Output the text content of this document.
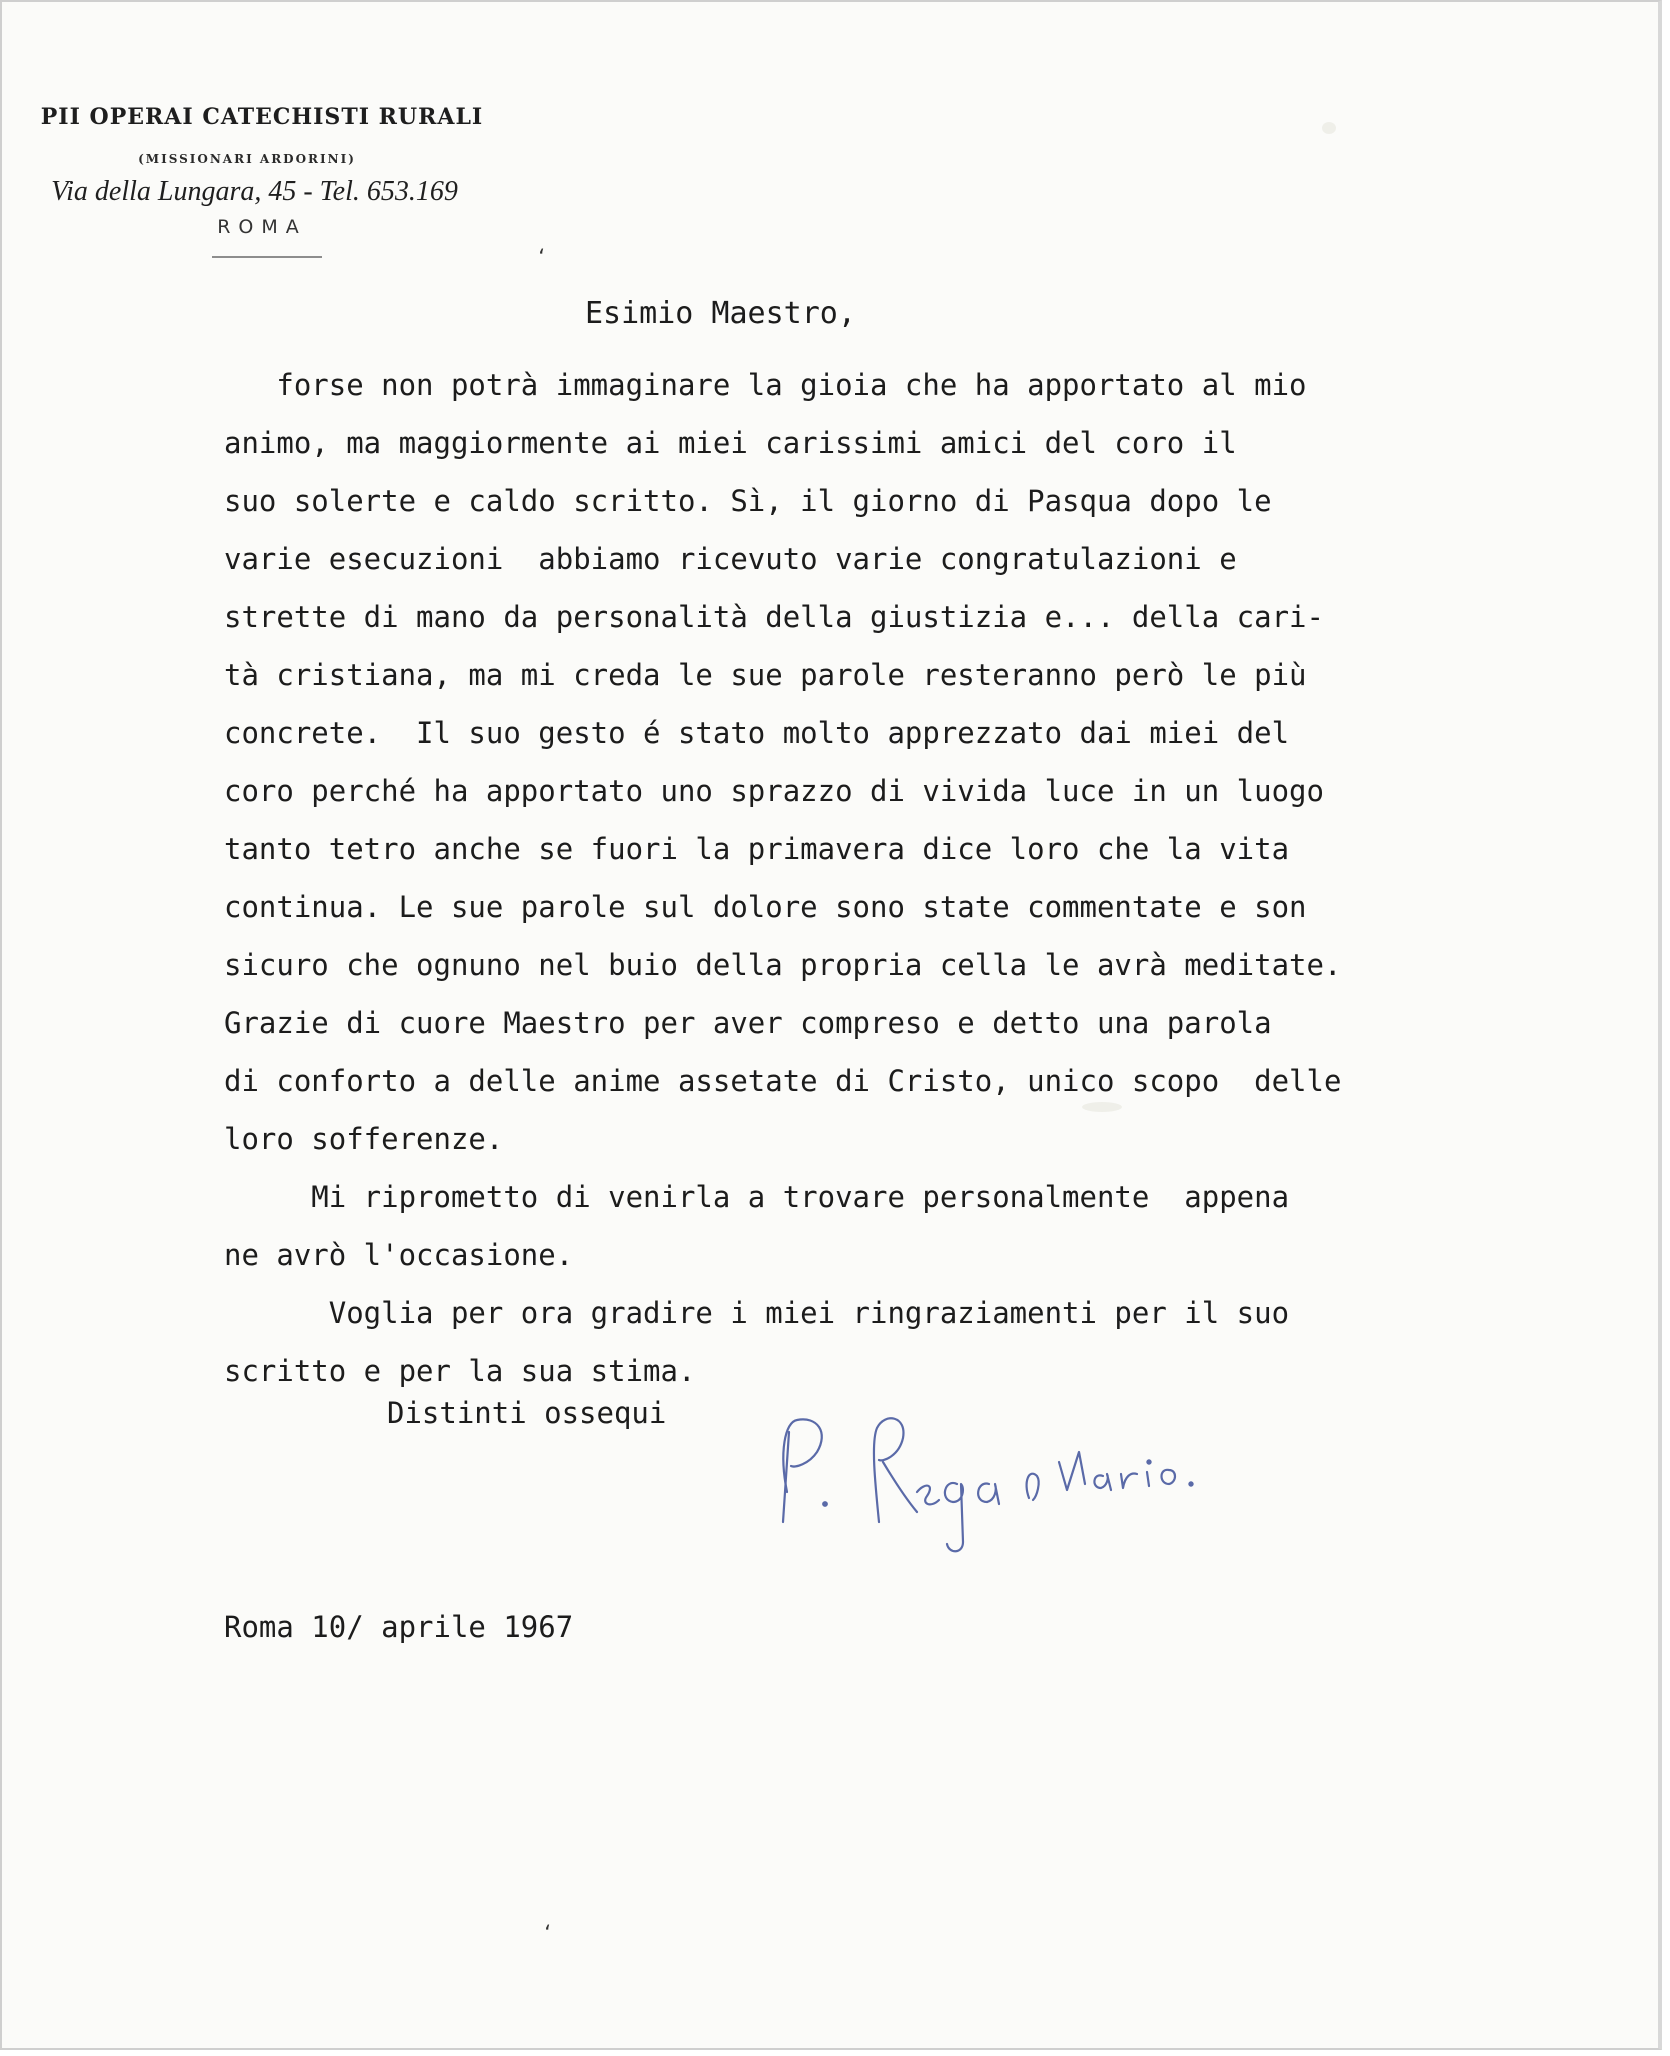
PII OPERAI CATECHISTI RURALI
(MISSIONARI ARDORINI)
Via della Lungara, 45 - Tel. 653.169
ROMA
‘
Esimio Maestro,
forse non potrà immaginare la gioia che ha apportato al mio
animo, ma maggiormente ai miei carissimi amici del coro il
suo solerte e caldo scritto. Sì, il giorno di Pasqua dopo le
varie esecuzioni  abbiamo ricevuto varie congratulazioni e
strette di mano da personalità della giustizia e... della cari-
tà cristiana, ma mi creda le sue parole resteranno però le più
concrete.  Il suo gesto é stato molto apprezzato dai miei del
coro perché ha apportato uno sprazzo di vivida luce in un luogo
tanto tetro anche se fuori la primavera dice loro che la vita
continua. Le sue parole sul dolore sono state commentate e son
sicuro che ognuno nel buio della propria cella le avrà meditate.
Grazie di cuore Maestro per aver compreso e detto una parola
di conforto a delle anime assetate di Cristo, unico scopo  delle
loro sofferenze.
Mi riprometto di venirla a trovare personalmente  appena
ne avrò l'occasione.
Voglia per ora gradire i miei ringraziamenti per il suo
scritto e per la sua stima.
Distinti ossequi
Roma 10/ aprile 1967
‘
